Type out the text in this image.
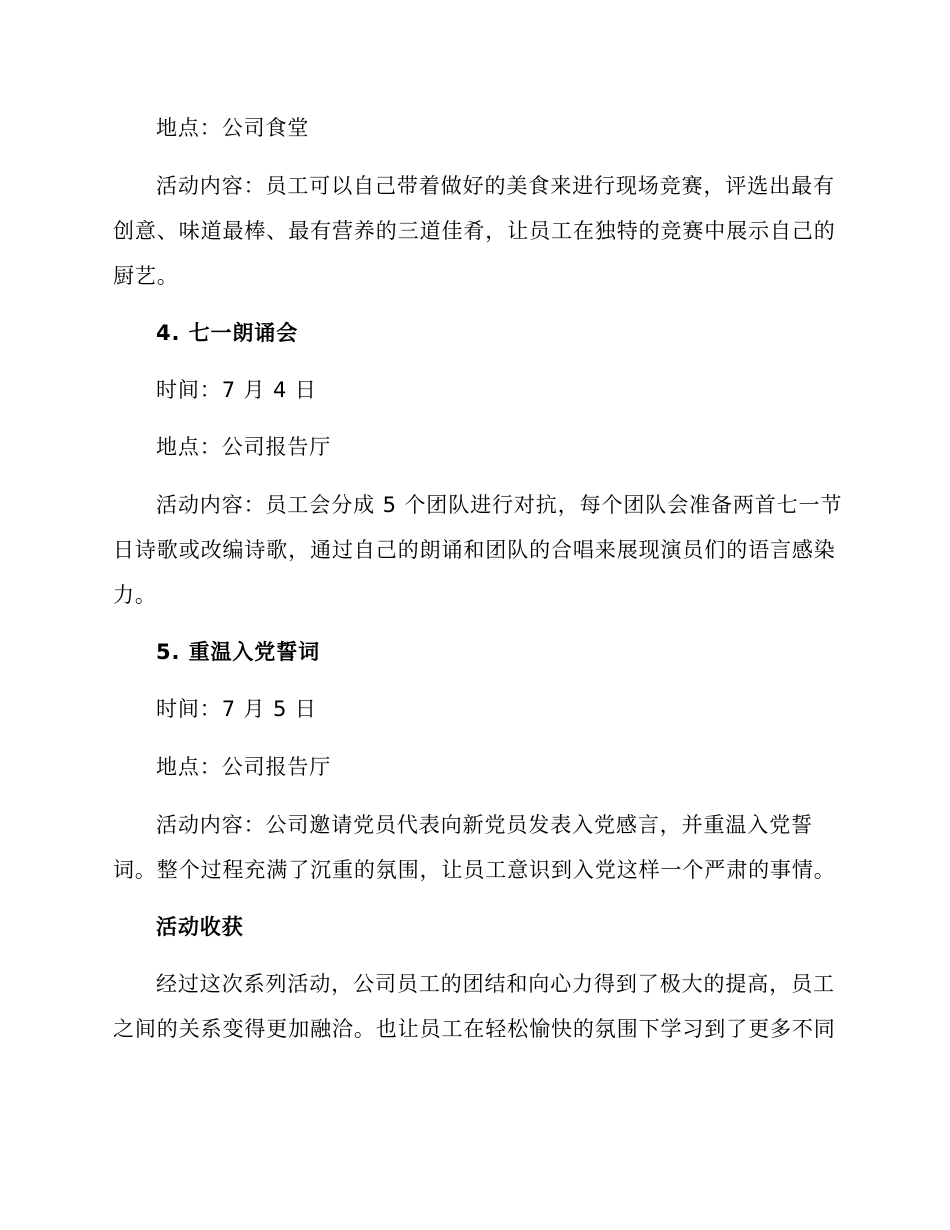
地点：公司食堂

活动内容：员工可以自己带着做好的美食来进行现场竞赛，评选出最有

创意、味道最棒、最有营养的三道佳肴，让员工在独特的竞赛中展示自己的

厨艺。

4. 七一朗诵会

时间：7 月 4 日

地点：公司报告厅

活动内容：员工会分成 5 个团队进行对抗，每个团队会准备两首七一节

日诗歌或改编诗歌，通过自己的朗诵和团队的合唱来展现演员们的语言感染

力。

5. 重温入党誓词

时间：7 月 5 日

地点：公司报告厅

活动内容：公司邀请党员代表向新党员发表入党感言，并重温入党誓

词。整个过程充满了沉重的氛围，让员工意识到入党这样一个严肃的事情。

活动收获

经过这次系列活动，公司员工的团结和向心力得到了极大的提高，员工

之间的关系变得更加融洽。也让员工在轻松愉快的氛围下学习到了更多不同
